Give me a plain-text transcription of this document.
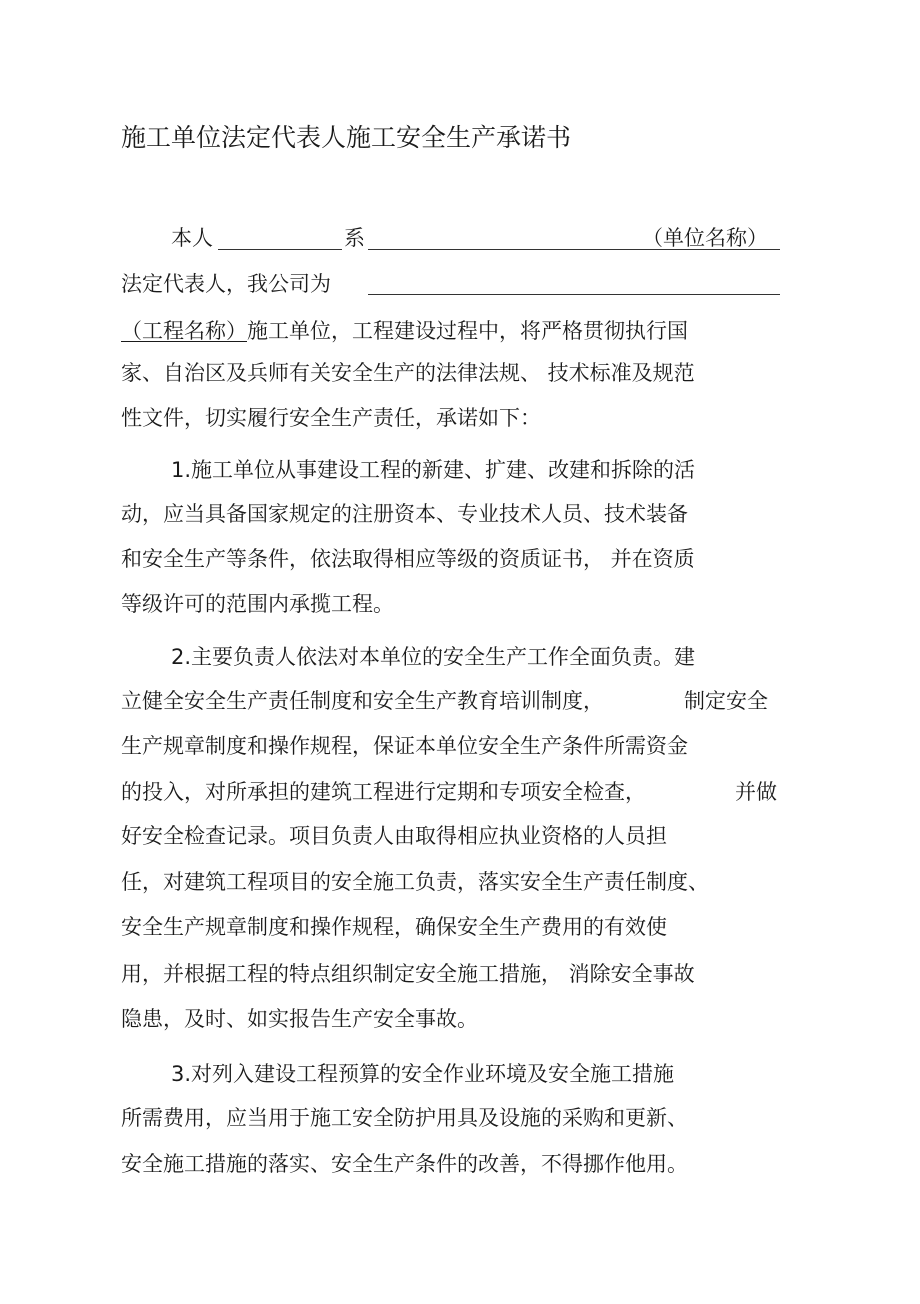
施工单位法定代表人施工安全生产承诺书
本人	系	（单位名称）
法定代表人，我公司为
（工程名称）施工单位，工程建设过程中，将严格贯彻执行国
家、自治区及兵师有关安全生产的法律法规、 技术标准及规范
性文件，切实履行安全生产责任，承诺如下：
1.施工单位从事建设工程的新建、扩建、改建和拆除的活
动，应当具备国家规定的注册资本、专业技术人员、技术装备
和安全生产等条件，依法取得相应等级的资质证书， 并在资质
等级许可的范围内承揽工程。
2.主要负责人依法对本单位的安全生产工作全面负责。建
立健全安全生产责任制度和安全生产教育培训制度，	制定安全
生产规章制度和操作规程，保证本单位安全生产条件所需资金
的投入，对所承担的建筑工程进行定期和专项安全检查，	并做
好安全检查记录。项目负责人由取得相应执业资格的人员担
任，对建筑工程项目的安全施工负责，落实安全生产责任制度、
安全生产规章制度和操作规程，确保安全生产费用的有效使
用，并根据工程的特点组织制定安全施工措施， 消除安全事故
隐患，及时、如实报告生产安全事故。
3.对列入建设工程预算的安全作业环境及安全施工措施
所需费用，应当用于施工安全防护用具及设施的采购和更新、
安全施工措施的落实、安全生产条件的改善，不得挪作他用。
